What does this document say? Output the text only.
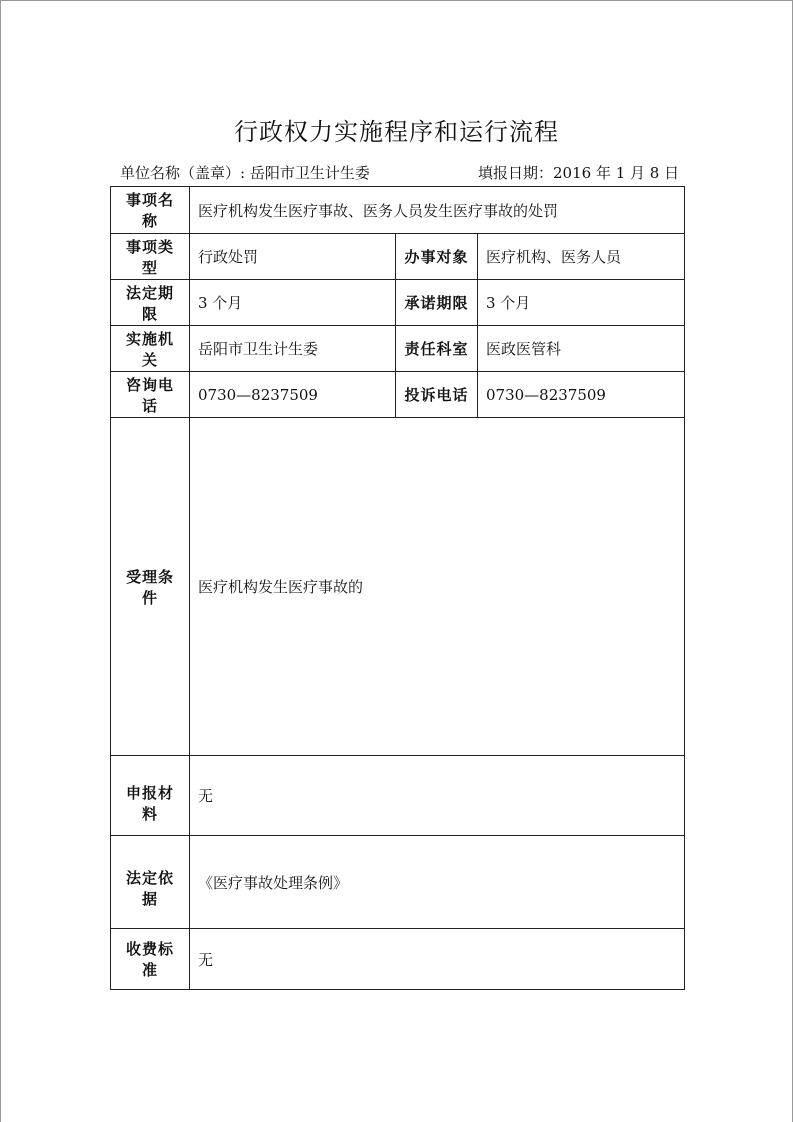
行政权力实施程序和运行流程
单位名称（盖章）: 岳阳市卫生计生委	填报日期：2016 年 1 月 8 日
事项名称	医疗机构发生医疗事故、医务人员发生医疗事故的处罚		
事项类型	行政处罚	办事对象	医疗机构、医务人员
法定期限	3 个月	承诺期限	3 个月
实施机关	岳阳市卫生计生委	责任科室	医政医管科
咨询电话	0730—8237509	投诉电话	0730—8237509
受理条件	医疗机构发生医疗事故的		
申报材料	无		
法定依据	《医疗事故处理条例》		
收费标准	无		
